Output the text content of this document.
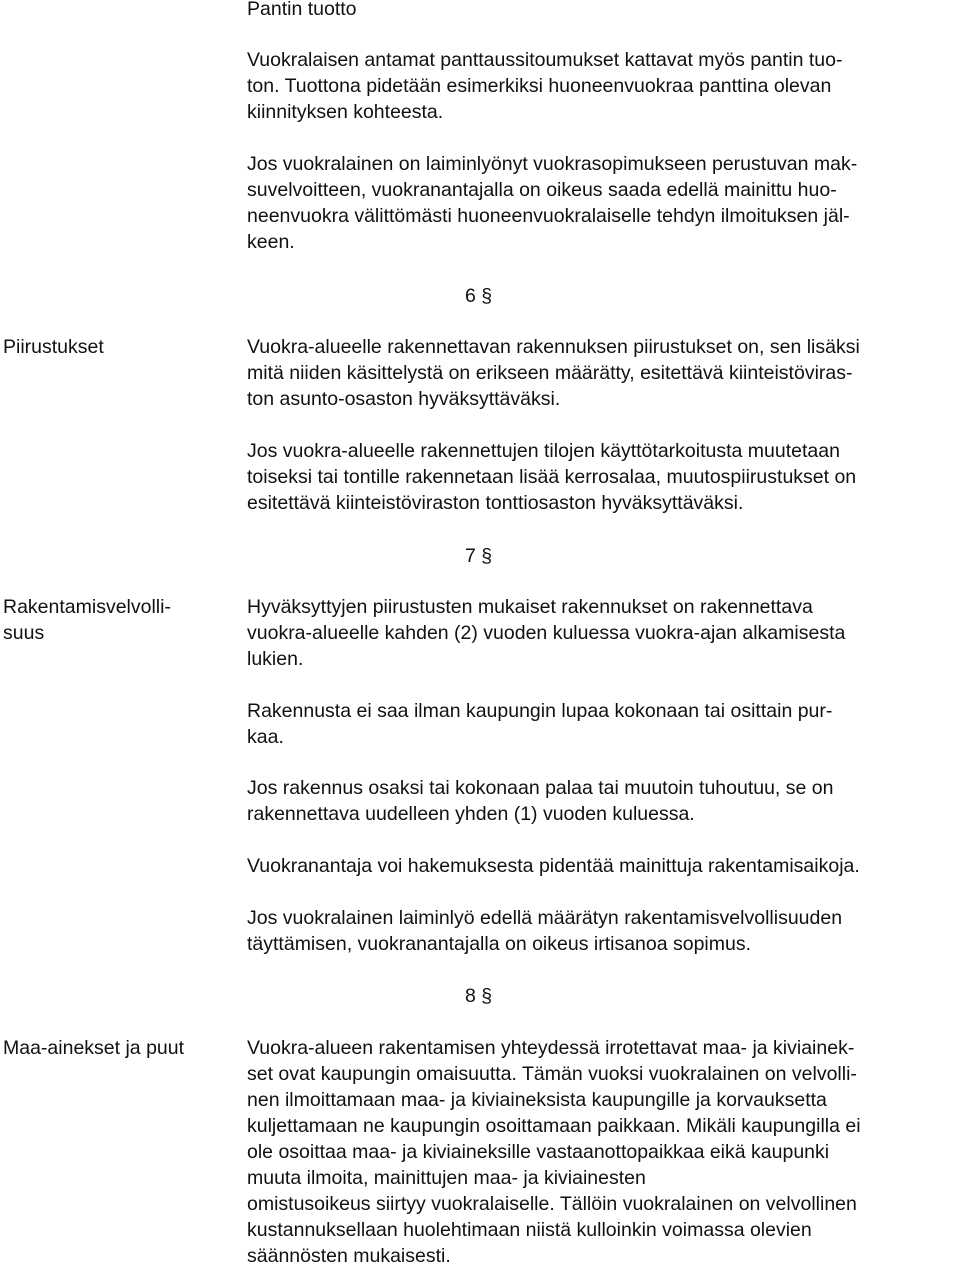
Pantin tuotto
Vuokralaisen antamat panttaussitoumukset kattavat myös pantin tuo-
ton. Tuottona pidetään esimerkiksi huoneenvuokraa panttina olevan
kiinnityksen kohteesta.
Jos vuokralainen on laiminlyönyt vuokrasopimukseen perustuvan mak-
suvelvoitteen, vuokranantajalla on oikeus saada edellä mainittu huo-
neenvuokra välittömästi huoneenvuokralaiselle tehdyn ilmoituksen jäl-
keen.
6 §
Piirustukset	Vuokra-alueelle rakennettavan rakennuksen piirustukset on, sen lisäksi
mitä niiden käsittelystä on erikseen määrätty, esitettävä kiinteistöviras-
ton asunto-osaston hyväksyttäväksi.
Jos vuokra-alueelle rakennettujen tilojen käyttötarkoitusta muutetaan
toiseksi tai tontille rakennetaan lisää kerrosalaa, muutospiirustukset on
esitettävä kiinteistöviraston tonttiosaston hyväksyttäväksi.
7 §
Rakentamisvelvolli-
suus
Hyväksyttyjen piirustusten mukaiset rakennukset on rakennettava
vuokra-alueelle kahden (2) vuoden kuluessa vuokra-ajan alkamisesta
lukien.
Rakennusta ei saa ilman kaupungin lupaa kokonaan tai osittain pur-
kaa.
Jos rakennus osaksi tai kokonaan palaa tai muutoin tuhoutuu, se on
rakennettava uudelleen yhden (1) vuoden kuluessa.
Vuokranantaja voi hakemuksesta pidentää mainittuja rakentamisaikoja.
Jos vuokralainen laiminlyö edellä määrätyn rakentamisvelvollisuuden
täyttämisen, vuokranantajalla on oikeus irtisanoa sopimus.
8 §
Maa-ainekset ja puut	Vuokra-alueen rakentamisen yhteydessä irrotettavat maa- ja kiviainek-
set ovat kaupungin omaisuutta. Tämän vuoksi vuokralainen on velvolli-
nen ilmoittamaan maa- ja kiviaineksista kaupungille ja korvauksetta
kuljettamaan ne kaupungin osoittamaan paikkaan. Mikäli kaupungilla ei
ole osoittaa maa- ja kiviaineksille vastaanottopaikkaa eikä kaupunki
muuta ilmoita, mainittujen maa- ja kiviainesten
omistusoikeus siirtyy vuokralaiselle. Tällöin vuokralainen on velvollinen
kustannuksellaan huolehtimaan niistä kulloinkin voimassa olevien
säännösten mukaisesti.
